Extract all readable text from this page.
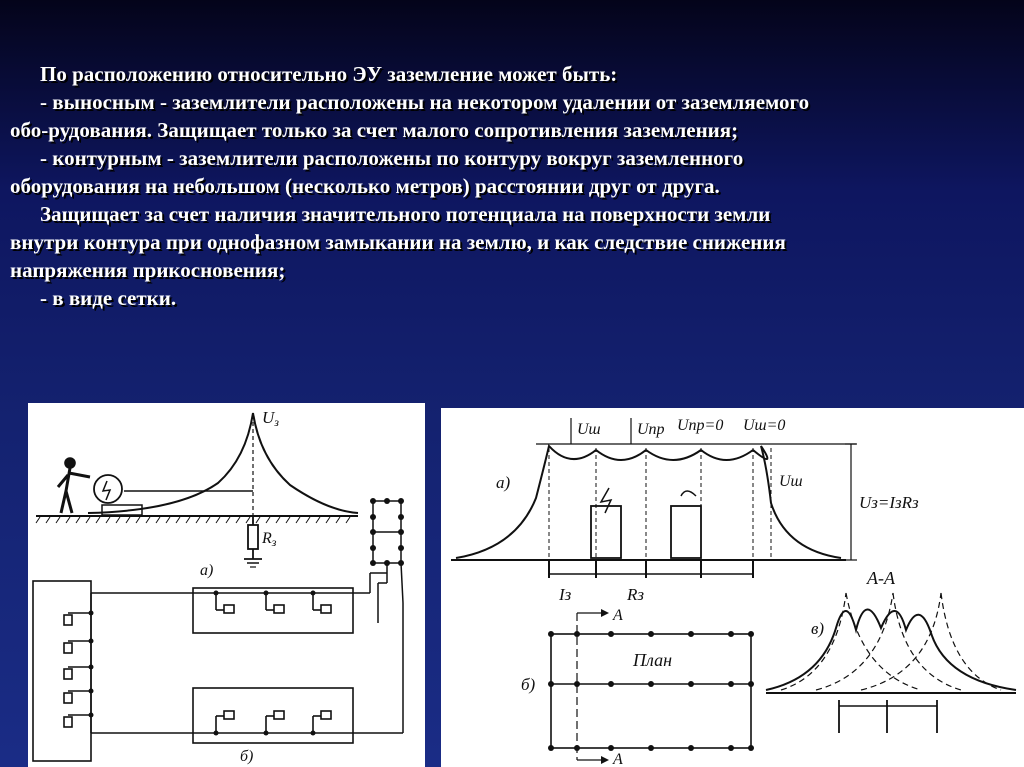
По расположению относительно ЭУ заземление может быть:

- выносным - заземлители расположены на некотором удалении от заземляемого

обо-рудования. Защищает только за счет малого сопротивления заземления;

- контурным - заземлители расположены по контуру вокруг заземленного

оборудования на небольшом (несколько метров) расстоянии друг от друга.

Защищает за счет наличия значительного потенциала на поверхности земли

внутри контура при однофазном замыкании на землю, и как следствие снижения

напряжения прикосновения;

- в виде сетки.

Uз
Rз
а)
б)
Uш Uпр Uпр=0 Uш=0
Uш
Uз=IзRз
а)
Iз	Rз
б)
в)
План
А-А
А
А
